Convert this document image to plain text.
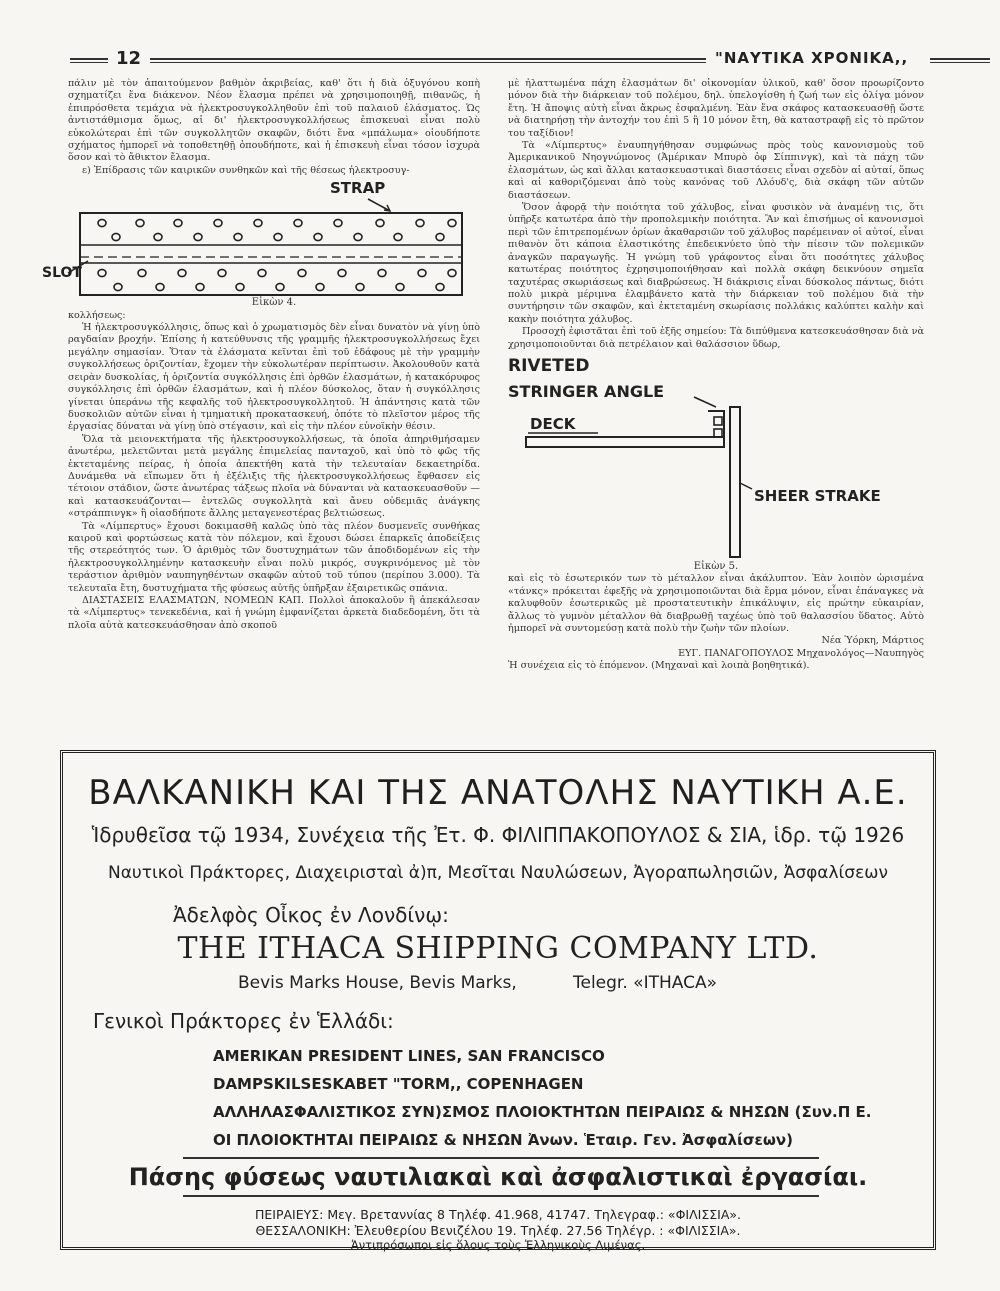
12	"ΝΑΥΤΙΚΑ ΧΡΟΝΙΚΑ,,

πάλιν μὲ τὸν ἀπαιτούμενον βαθμὸν ἀκριβείας, καθ' ὅτι ἡ διὰ ὀξυγόνου κοπὴ σχηματίζει ἕνα διάκενον. Νέον ἔλασμα πρέπει νὰ χρησιμοποιηθῇ, πιθανῶς, ἡ ἐπιπρόσθετα τεμάχια νὰ ἠλεκτροσυγκολληθοῦν ἐπὶ τοῦ παλαιοῦ ἐλάσματος. Ὡς ἀντιστάθμισμα ὅμως, αἱ δι' ἠλεκτροσυγκολλήσεως ἐπισκευαὶ εἶναι πολὺ εὐκολώτεραι ἐπὶ τῶν συγκολλητῶν σκαφῶν, διότι ἕνα «μπάλωμα» οἱουδήποτε σχήματος ἠμπορεῖ νὰ τοποθετηθῇ ὁπουδήποτε, καὶ ἡ ἐπισκευὴ εἶναι τόσον ἰσχυρὰ ὅσον καὶ τὸ ἄθικτον ἔλασμα.

ε) Ἐπίδρασις τῶν καιρικῶν συνθηκῶν καὶ τῆς θέσεως ἠλεκτροσυγ-

STRAP
SLOT

Εἰκὼν 4.

κολλήσεως:

Ἡ ἠλεκτροσυγκόλλησις, ὅπως καὶ ὁ χρωματισμὸς δὲν εἶναι δυνατὸν νὰ γίνῃ ὑπὸ ραγδαίαν βροχήν. Ἐπίσης ἡ κατεύθυνσις τῆς γραμμῆς ἠλεκτροσυγκολλήσεως ἔχει μεγάλην σημασίαν. Ὅταν τὰ ἐλάσματα κεῖνται ἐπὶ τοῦ ἐδάφους μὲ τὴν γραμμὴν συγκολλήσεως ὁριζοντίαν, ἔχομεν τὴν εὐκολωτέραν περίπτωσιν. Ἀκολουθοῦν κατὰ σειρὰν δυσκολίας, ἡ ὁριζοντία συγκόλλησις ἐπὶ ὀρθῶν ἐλασμάτων, ἡ κατακόρυφος συγκόλλησις ἐπὶ ὀρθῶν ἐλασμάτων, καὶ ἡ πλέον δύσκολος, ὅταν ἡ συγκόλλησις γίνεται ὑπεράνω τῆς κεφαλῆς τοῦ ἠλεκτροσυγκολλητοῦ. Ἡ ἀπάντησις κατὰ τῶν δυσκολιῶν αὐτῶν εἶναι ἡ τμηματικὴ προκατασκευή, ὁπότε τὸ πλεῖστον μέρος τῆς ἐργασίας δύναται νὰ γίνῃ ὑπὸ στέγασιν, καὶ εἰς τὴν πλέον εὐνοϊκὴν θέσιν.

Ὅλα τὰ μειονεκτήματα τῆς ἠλεκτροσυγκολλήσεως, τὰ ὁποῖα ἀπηριθμήσαμεν ἀνωτέρω, μελετῶνται μετὰ μεγάλης ἐπιμελείας πανταχοῦ, καὶ ὑπὸ τὸ φῶς τῆς ἐκτεταμένης πείρας, ἡ ὁποία ἀπεκτήθη κατὰ τὴν τελευταίαν δεκαετηρίδα. Δυνάμεθα νὰ εἴπωμεν ὅτι ἡ ἐξέλιξις τῆς ἠλεκτροσυγκολλήσεως ἔφθασεν εἰς τέτοιον στάδιον, ὥστε ἀνωτέρας τάξεως πλοῖα νὰ δύνανται νὰ κατασκευασθοῦν —καὶ κατασκευάζονται— ἐντελῶς συγκολλητὰ καὶ ἄνευ οὐδεμιᾶς ἀνάγκης «στράππινγκ» ἢ οἱασδήποτε ἄλλης μεταγενεστέρας βελτιώσεως.

Τὰ «Λίμπερτυς» ἔχουσι δοκιμασθῆ καλῶς ὑπὸ τὰς πλέον δυσμενεῖς συνθήκας καιροῦ καὶ φορτώσεως κατὰ τὸν πόλεμον, καὶ ἔχουσι δώσει ἐπαρκεῖς ἀποδείξεις τῆς στερεότητός των. Ὁ ἀριθμὸς τῶν δυστυχημάτων τῶν ἀποδιδομένων εἰς τὴν ἠλεκτροσυγκολλημένην κατασκευὴν εἶναι πολὺ μικρός, συγκρινόμενος μὲ τὸν τεράστιον ἀριθμὸν ναυπηγηθέντων σκαφῶν αὐτοῦ τοῦ τύπου (περίπου 3.000). Τὰ τελευταῖα ἔτη, δυστυχήματα τῆς φύσεως αὐτῆς ὑπῆρξαν ἐξαιρετικῶς σπάνια.

ΔΙΑΣΤΑΣΕΙΣ ΕΛΑΣΜΑΤΩΝ, ΝΟΜΕΩΝ ΚΑΠ. Πολλοὶ ἀποκαλοῦν ἢ ἀπεκάλεσαν τὰ «Λίμπερτυς» τενεκεδένια, καὶ ἡ γνώμη ἐμφανίζεται ἀρκετὰ διαδεδομένη, ὅτι τὰ πλοῖα αὐτὰ κατεσκευάσθησαν ἀπὸ σκοποῦ

μὲ ἠλαττωμένα πάχη ἐλασμάτων δι' οἰκονομίαν ὑλικοῦ, καθ' ὅσον προωρίζοντο μόνον διὰ τὴν διάρκειαν τοῦ πολέμου, δηλ. ὑπελογίσθη ἡ ζωή των εἰς ὀλίγα μόνον ἔτη. Ἡ ἄποψις αὐτὴ εἶναι ἄκρως ἐσφαλμένη. Ἐὰν ἕνα σκάφος κατασκευασθῇ ὥστε νὰ διατηρήσῃ τὴν ἀντοχήν του ἐπὶ 5 ἢ 10 μόνον ἔτη, θὰ καταστραφῇ εἰς τὸ πρῶτον του ταξίδιον!

Τὰ «Λίμπερτυς» ἐναυπηγήθησαν συμφώνως πρὸς τοὺς κανονισμοὺς τοῦ Ἀμερικανικοῦ Νηογνώμονος (Ἀμέρικαν Μπυρὸ ὀφ Σίππινγκ), καὶ τὰ πάχη τῶν ἐλασμάτων, ὡς καὶ ἄλλαι κατασκευαστικαὶ διαστάσεις εἶναι σχεδὸν αἱ αὐταί, ὅπως καὶ αἱ καθοριζόμεναι ἀπὸ τοὺς κανόνας τοῦ Λλόυδ'ς, διὰ σκάφη τῶν αὐτῶν διαστάσεων.

Ὅσον ἀφορᾷ τὴν ποιότητα τοῦ χάλυβος, εἶναι φυσικὸν νὰ ἀναμένῃ τις, ὅτι ὑπῆρξε κατωτέρα ἀπὸ τὴν προπολεμικὴν ποιότητα. Ἂν καὶ ἐπισήμως οἱ κανονισμοὶ περὶ τῶν ἐπιτρεπομένων ὁρίων ἀκαθαρσιῶν τοῦ χάλυβος παρέμειναν οἱ αὐτοί, εἶναι πιθανὸν ὅτι κάποια ἐλαστικότης ἐπεδεικνύετο ὑπὸ τὴν πίεσιν τῶν πολεμικῶν ἀναγκῶν παραγωγῆς. Ἡ γνώμη τοῦ γράφοντος εἶναι ὅτι ποσότητες χάλυβος κατωτέρας ποιότητος ἐχρησιμοποιήθησαν καὶ πολλὰ σκάφη δεικνύουν σημεῖα ταχυτέρας σκωριάσεως καὶ διαβρώσεως. Ἡ διάκρισις εἶναι δύσκολος πάντως, διότι πολὺ μικρὰ μέριμνα ἐλαμβάνετο κατὰ τὴν διάρκειαν τοῦ πολέμου διὰ τὴν συντήρησιν τῶν σκαφῶν, καὶ ἐκτεταμένη σκωρίασις πολλάκις καλύπτει καλὴν καὶ κακὴν ποιότητα χάλυβος.

Προσοχὴ ἐφιστᾶται ἐπὶ τοῦ ἑξῆς σημείου: Τὰ διπύθμενα κατεσκευάσθησαν διὰ νὰ χρησιμοποιοῦνται διὰ πετρέλαιον καὶ θαλάσσιον ὕδωρ,

RIVETED
STRINGER ANGLE
DECK
SHEER STRAKE

Εἰκὼν 5.

καὶ εἰς τὸ ἐσωτερικόν των τὸ μέταλλον εἶναι ἀκάλυπτον. Ἐὰν λοιπὸν ὡρισμένα «τάνκς» πρόκειται ἐφεξῆς νὰ χρησιμοποιῶνται διὰ ἔρμα μόνον, εἶναι ἐπάναγκες νὰ καλυφθοῦν ἐσωτερικῶς μὲ προστατευτικὴν ἐπικάλυψιν, εἰς πρώτην εὐκαιρίαν, ἄλλως τὸ γυμνὸν μέταλλον θὰ διαβρωθῇ ταχέως ὑπὸ τοῦ θαλασσίου ὕδατος. Αὐτὸ ἠμπορεῖ νὰ συντομεύσῃ κατὰ πολὺ τὴν ζωὴν τῶν πλοίων.

Νέα Ὑόρκη, Μάρτιος

ΕΥΓ. ΠΑΝΑΓΟΠΟΥΛΟΣ Μηχανολόγος—Ναυπηγὸς

Ἡ συνέχεια εἰς τὸ ἑπόμενον. (Μηχαναὶ καὶ λοιπὰ βοηθητικά).

ΒΑΛΚΑΝΙΚΗ ΚΑΙ ΤΗΣ ΑΝΑΤΟΛΗΣ ΝΑΥΤΙΚΗ Α.Ε.
Ἱδρυθεῖσα τῷ 1934, Συνέχεια τῆς Ἐτ. Φ. ΦΙΛΙΠΠΑΚΟΠΟΥΛΟΣ & ΣΙΑ, ἱδρ. τῷ 1926
Ναυτικοὶ Πράκτορες, Διαχειρισταὶ ἀ)π, Μεσῖται Ναυλώσεων, Ἀγοραπωλησιῶν, Ἀσφαλίσεων
Ἀδελφὸς Οἶκος ἐν Λονδίνῳ:
THE ITHACA SHIPPING COMPANY LTD.
Bevis Marks House, Bevis Marks,	Telegr. «ITHACA»
Γενικοὶ Πράκτορες ἐν Ἑλλάδι:
AMERIKAN PRESIDENT LINES, SAN FRANCISCO
DAMPSKILSESKABET "TORM,, COPENHAGEN
ΑΛΛΗΛΑΣΦΑΛΙΣΤΙΚΟΣ ΣΥΝ)ΣΜΟΣ ΠΛΟΙΟΚΤΗΤΩΝ ΠΕΙΡΑΙΩΣ & ΝΗΣΩΝ (Συν.Π Ε.
ΟΙ ΠΛΟΙΟΚΤΗΤΑΙ ΠΕΙΡΑΙΩΣ & ΝΗΣΩΝ Ἀνων. Ἑταιρ. Γεν. Ἀσφαλίσεων)
Πάσης φύσεως ναυτιλιακαὶ καὶ ἀσφαλιστικαὶ ἐργασίαι.
ΠΕΙΡΑΙΕΥΣ: Μεγ. Βρεταννίας 8 Τηλέφ. 41.968, 41747. Τηλεγραφ.: «ΦΙΛΙΣΣΙΑ».
ΘΕΣΣΑΛΟΝΙΚΗ: Ἐλευθερίου Βενιζέλου 19. Τηλέφ. 27.56 Τηλέγρ. : «ΦΙΛΙΣΣΙΑ».
Ἀντιπρόσωποι εἰς ὅλους τοὺς Ἑλληνικοὺς Λιμένας.
